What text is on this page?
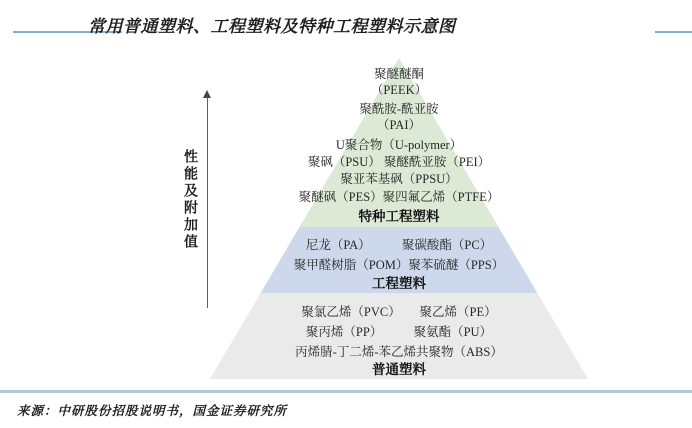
常用普通塑料、工程塑料及特种工程塑料示意图
性能及附加值
聚醚醚酮
（PEEK）
聚酰胺-酰亚胺
（PAI）
U聚合物（U-polymer）
聚砜（PSU） 聚醚酰亚胺（PEI）
聚亚苯基砜（PPSU）
聚醚砜（PES）聚四氟乙烯（PTFE）
特种工程塑料
尼龙（PA）　　　聚碳酸酯（PC）
聚甲醛树脂（POM）聚苯硫醚（PPS）
工程塑料
聚氯乙烯（PVC）　　聚乙烯（PE）
聚丙烯（PP）　　　聚氨酯（PU）
丙烯腈-丁二烯-苯乙烯共聚物（ABS）
普通塑料
来源：中研股份招股说明书，国金证券研究所
